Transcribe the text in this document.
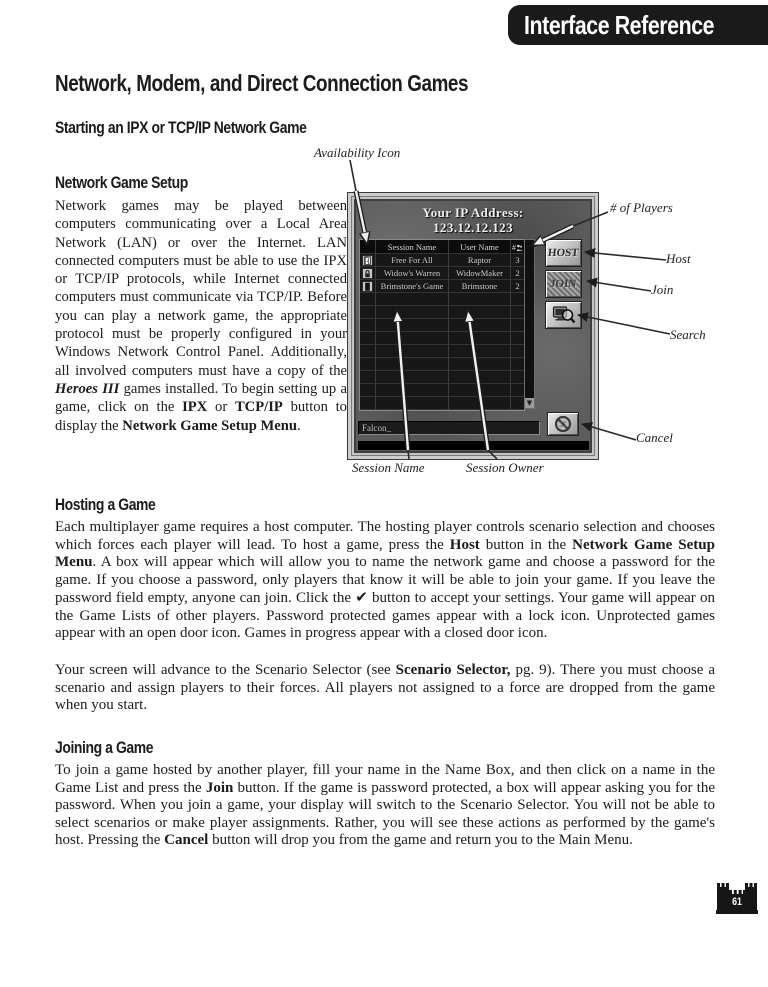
Interface Reference
Network, Modem, and Direct Connection Games
Starting an IPX or TCP/IP Network Game
Network Game Setup
Network games may be played between computers communicating over a Local Area Network (LAN) or over the Internet. LAN connected computers must be able to use the IPX or TCP/IP protocols, while Internet connected computers must communicate via TCP/IP. Before you can play a network game, the appropriate protocol must be properly configured in your Windows Network Control Panel. Additionally, all involved computers must have a copy of the Heroes III games installed. To begin setting up a game, click on the IPX or TCP/IP button to display the Network Game Setup Menu.
Your IP Address:
123.12.12.123
Session Name	User Name	#
Free For All	Raptor	3
Widow's Warren	WidowMaker	2
Brimstone's Game	Brimstone	2
▼
HOST
JOIN
Falcon_
Availability Icon
# of Players
Host
Join
Search
Cancel
Session Name	Session Owner
Hosting a Game
Each multiplayer game requires a host computer. The hosting player controls scenario selection and chooses which forces each player will lead. To host a game, press the Host button in the Network Game Setup Menu. A box will appear which will allow you to name the network game and choose a password for the game. If you choose a password, only players that know it will be able to join your game. If you leave the password field empty, anyone can join. Click the ✔ button to accept your settings. Your game will appear on the Game Lists of other players. Password protected games appear with a lock icon. Unprotected games appear with an open door icon. Games in progress appear with a closed door icon.
Your screen will advance to the Scenario Selector (see Scenario Selector, pg. 9). There you must choose a scenario and assign players to their forces. All players not assigned to a force are dropped from the game when you start.
Joining a Game
To join a game hosted by another player, fill your name in the Name Box, and then click on a name in the Game List and press the Join button. If the game is password protected, a box will appear asking you for the password. When you join a game, your display will switch to the Scenario Selector. You will not be able to select scenarios or make player assignments. Rather, you will see these actions as performed by the game's host. Pressing the Cancel button will drop you from the game and return you to the Main Menu.
61
